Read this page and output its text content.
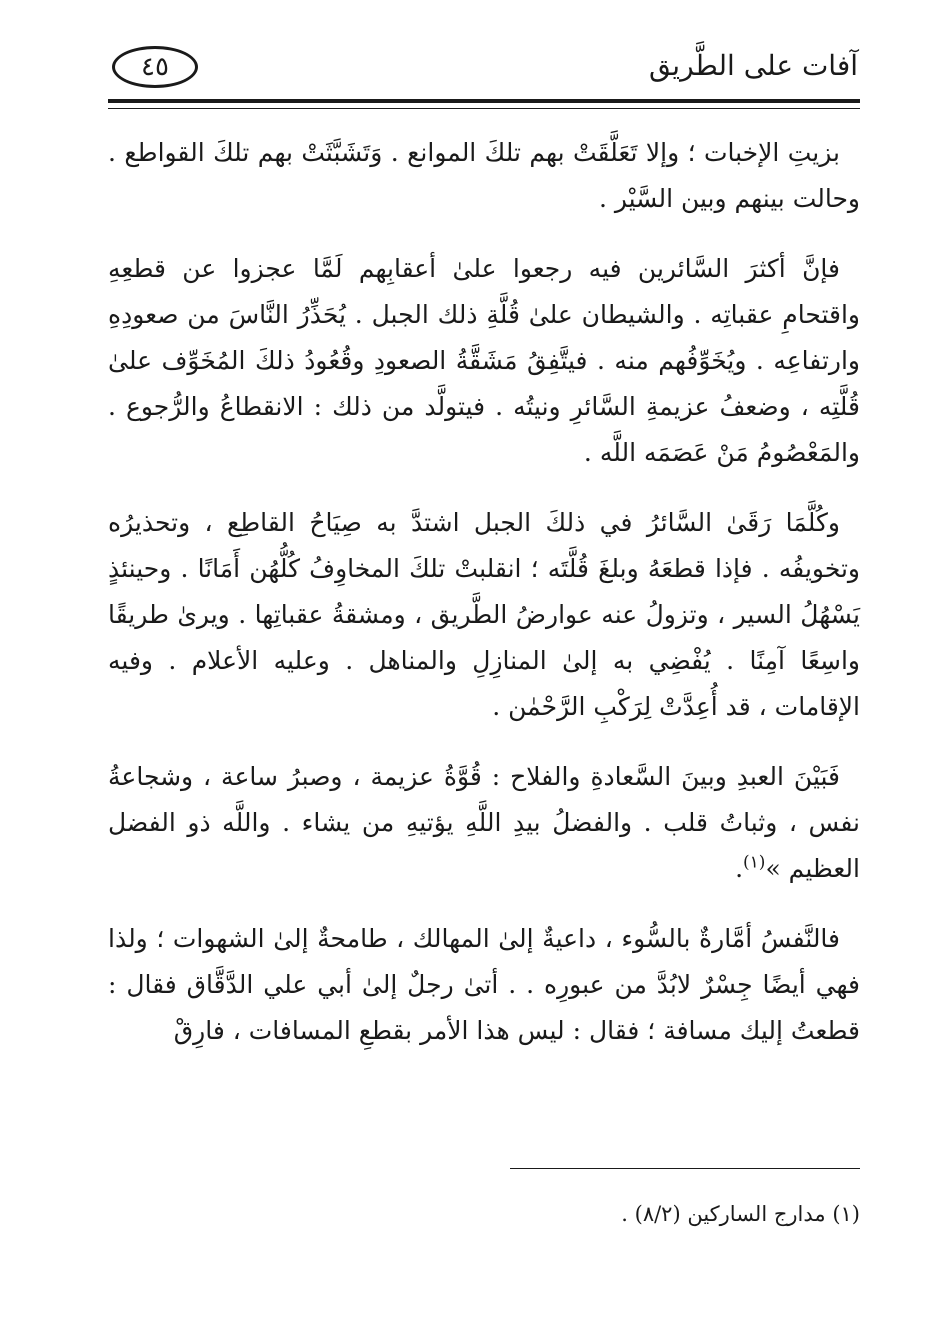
آفات على الطَّريق
٤٥

بزيتِ الإخبات ؛ وإلا تَعَلَّقَتْ بهم تلكَ الموانع . وَتَشَبَّثَتْ بهم تلكَ القواطع . وحالت بينهم وبين السَّيْر .

فإنَّ أكثرَ السَّائرين فيه رجعوا علىٰ أعقابِهم لَمَّا عجزوا عن قطعِهِ واقتحامِ عقباتِه . والشيطان علىٰ قُلَّةِ ذلك الجبل . يُحَذِّرُ النَّاسَ من صعودِهِ وارتفاعِه . ويُخَوِّفُهم منه . فيتَّفِقُ مَشَقَّةُ الصعودِ وقُعُودُ ذلكَ المُخَوِّف علىٰ قُلَّتِه ، وضعفُ عزيمةِ السَّائرِ ونيتُه . فيتولَّد من ذلك : الانقطاعُ والرُّجوع . والمَعْصُومُ مَنْ عَصَمَه اللَّه .

وكُلَّمَا رَقَىٰ السَّائرُ في ذلكَ الجبل اشتدَّ به صِيَاحُ القاطِع ، وتحذيرُه وتخويفُه . فإذا قطعَهُ وبلغَ قُلَّتَه ؛ انقلبتْ تلكَ المخاوِفُ كُلُّهُن أَمَانًا . وحينئذٍ يَسْهُلُ السير ، وتزولُ عنه عوارضُ الطَّريق ، ومشقةُ عقباتِها . ويرىٰ طريقًا واسِعًا آمِنًا . يُفْضِي به إلىٰ المنازِلِ والمناهل . وعليه الأعلام . وفيه الإقامات ، قد أُعِدَّتْ لِرَكْبِ الرَّحْمٰن .

فَبَيْنَ العبدِ وبينَ السَّعادةِ والفلاح : قُوَّةُ عزيمة ، وصبرُ ساعة ، وشجاعةُ نفس ، وثباتُ قلب . والفضلُ بيدِ اللَّهِ يؤتيهِ من يشاء . واللَّه ذو الفضل العظيم »$^{(١)}$.

فالنَّفسُ أمَّارةٌ بالسُّوء ، داعيةٌ إلىٰ المهالك ، طامحةٌ إلىٰ الشهوات ؛ ولذا فهي أيضًا جِسْرٌ لابُدَّ من عبورِه . . أتىٰ رجلٌ إلىٰ أبي علي الدَّقَّاق فقال : قطعتُ إليك مسافة ؛ فقال : ليس هذا الأمر بقطعِ المسافات ، فارِقْ

(١) مدارج الساركين (٨/٢) .
